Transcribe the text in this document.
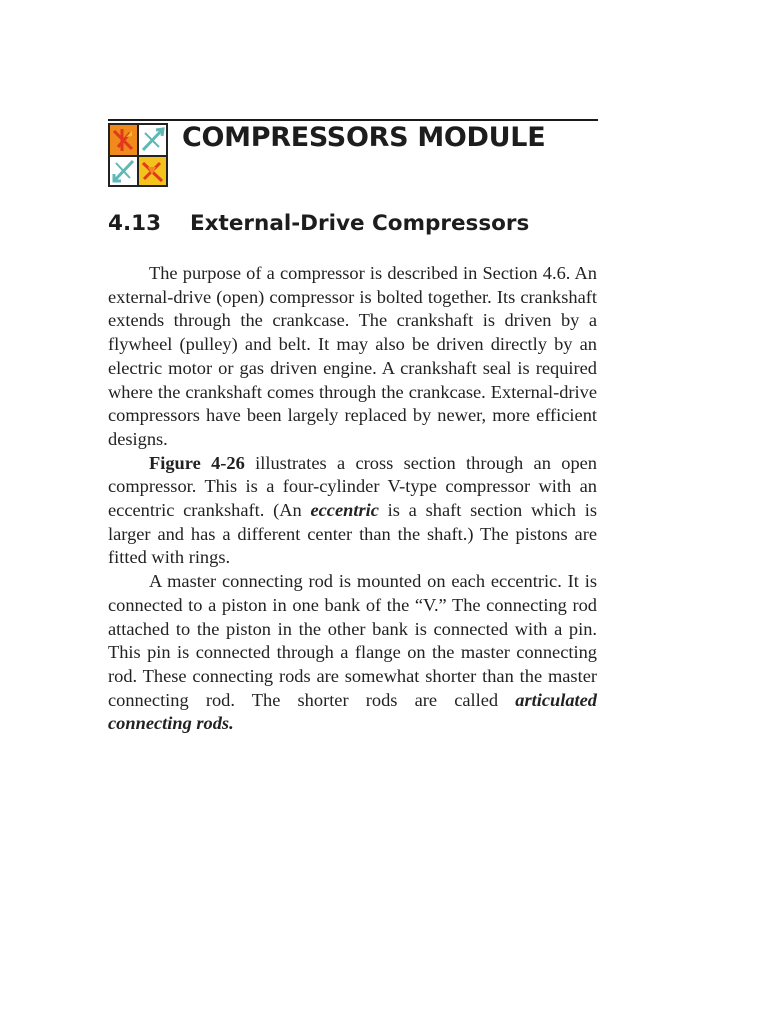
COMPRESSORS MODULE
4.13 External-Drive Compressors

The purpose of a compressor is described in Section 4.6. An external-drive (open) compressor is bolted together. Its crankshaft extends through the crankcase. The crankshaft is driven by a flywheel (pulley) and belt. It may also be driven directly by an electric motor or gas driven engine. A crankshaft seal is required where the crankshaft comes through the crankcase. External-drive compressors have been largely replaced by newer, more efficient designs.

Figure 4-26 illustrates a cross section through an open compressor. This is a four-cylinder V-type compressor with an eccentric crankshaft. (An eccentric is a shaft section which is larger and has a different center than the shaft.) The pistons are fitted with rings.

A master connecting rod is mounted on each eccentric. It is connected to a piston in one bank of the “V.” The connecting rod attached to the piston in the other bank is connected with a pin. This pin is connected through a flange on the master connecting rod. These connecting rods are somewhat shorter than the master connecting rod. The shorter rods are called articulated connecting rods.
